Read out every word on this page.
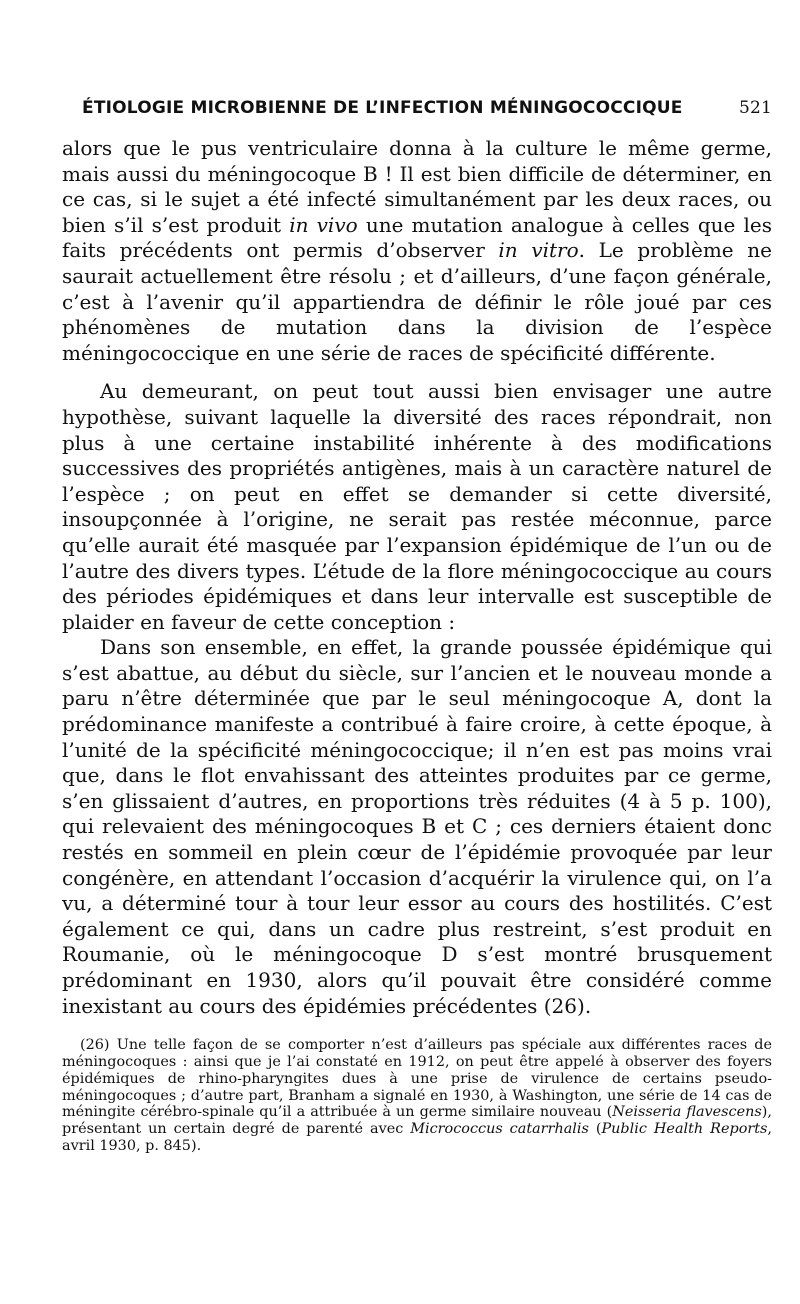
ÉTIOLOGIE MICROBIENNE DE L’INFECTION MÉNINGOCOCCIQUE	521

alors que le pus ventriculaire donna à la culture le même germe, mais aussi du méningocoque B ! Il est bien difficile de déterminer, en ce cas, si le sujet a été infecté simultanément par les deux races, ou bien s’il s’est produit in vivo une mutation analogue à celles que les faits précédents ont permis d’observer in vitro. Le problème ne saurait actuellement être résolu ; et d’ailleurs, d’une façon générale, c’est à l’avenir qu’il appartiendra de définir le rôle joué par ces phénomènes de mutation dans la division de l’espèce méningococcique en une série de races de spécificité différente.

Au demeurant, on peut tout aussi bien envisager une autre hypothèse, suivant laquelle la diversité des races répondrait, non plus à une certaine instabilité inhérente à des modifications successives des propriétés antigènes, mais à un caractère naturel de l’espèce ; on peut en effet se demander si cette diversité, insoupçonnée à l’origine, ne serait pas restée méconnue, parce qu’elle aurait été masquée par l’expansion épidémique de l’un ou de l’autre des divers types. L’étude de la flore méningococcique au cours des périodes épidémiques et dans leur intervalle est susceptible de plaider en faveur de cette conception :

Dans son ensemble, en effet, la grande poussée épidémique qui s’est abattue, au début du siècle, sur l’ancien et le nouveau monde a paru n’être déterminée que par le seul méningocoque A, dont la prédominance manifeste a contribué à faire croire, à cette époque, à l’unité de la spécificité méningococcique; il n’en est pas moins vrai que, dans le flot envahissant des atteintes produites par ce germe, s’en glissaient d’autres, en proportions très réduites (4 à 5 p. 100), qui relevaient des méningocoques B et C ; ces derniers étaient donc restés en sommeil en plein cœur de l’épidémie provoquée par leur congénère, en attendant l’occasion d’acquérir la virulence qui, on l’a vu, a déterminé tour à tour leur essor au cours des hostilités. C’est également ce qui, dans un cadre plus restreint, s’est produit en Roumanie, où le méningocoque D s’est montré brusquement prédominant en 1930, alors qu’il pouvait être considéré comme inexistant au cours des épidémies précédentes (26).

(26) Une telle façon de se comporter n’est d’ailleurs pas spéciale aux différentes races de méningocoques : ainsi que je l’ai constaté en 1912, on peut être appelé à observer des foyers épidémiques de rhino-pharyngites dues à une prise de virulence de certains pseudo-méningocoques ; d’autre part, Branham a signalé en 1930, à Washington, une série de 14 cas de méningite cérébro-spinale qu’il a attribuée à un germe similaire nouveau (Neisseria flavescens), présentant un certain degré de parenté avec Micrococcus catarrhalis (Public Health Reports, avril 1930, p. 845).
